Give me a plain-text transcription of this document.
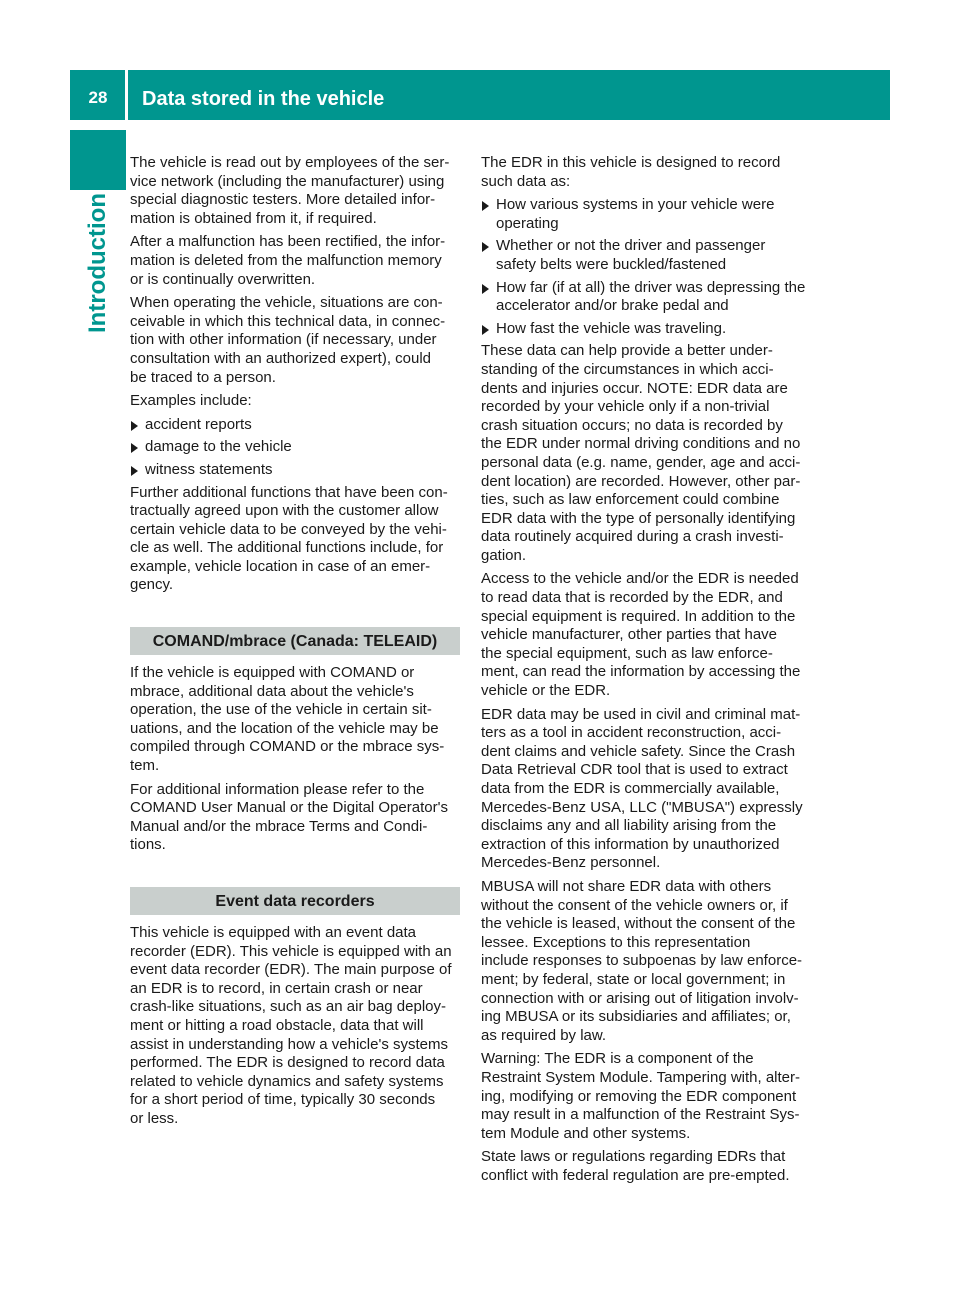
28	Data stored in the vehicle
Introduction

The vehicle is read out by employees of the ser-
vice network (including the manufacturer) using
special diagnostic testers. More detailed infor-
mation is obtained from it, if required.

After a malfunction has been rectified, the infor-
mation is deleted from the malfunction memory
or is continually overwritten.

When operating the vehicle, situations are con-
ceivable in which this technical data, in connec-
tion with other information (if necessary, under
consultation with an authorized expert), could
be traced to a person.

Examples include:

accident reports
damage to the vehicle
witness statements

Further additional functions that have been con-
tractually agreed upon with the customer allow
certain vehicle data to be conveyed by the vehi-
cle as well. The additional functions include, for
example, vehicle location in case of an emer-
gency.

COMAND/mbrace (Canada: TELEAID)

If the vehicle is equipped with COMAND or
mbrace, additional data about the vehicle's
operation, the use of the vehicle in certain sit-
uations, and the location of the vehicle may be
compiled through COMAND or the mbrace sys-
tem.

For additional information please refer to the
COMAND User Manual or the Digital Operator's
Manual and/or the mbrace Terms and Condi-
tions.

Event data recorders

This vehicle is equipped with an event data
recorder (EDR). This vehicle is equipped with an
event data recorder (EDR). The main purpose of
an EDR is to record, in certain crash or near
crash-like situations, such as an air bag deploy-
ment or hitting a road obstacle, data that will
assist in understanding how a vehicle's systems
performed. The EDR is designed to record data
related to vehicle dynamics and safety systems
for a short period of time, typically 30 seconds
or less.

The EDR in this vehicle is designed to record
such data as:

How various systems in your vehicle were
operating
Whether or not the driver and passenger
safety belts were buckled/fastened
How far (if at all) the driver was depressing the
accelerator and/or brake pedal and
How fast the vehicle was traveling.

These data can help provide a better under-
standing of the circumstances in which acci-
dents and injuries occur. NOTE: EDR data are
recorded by your vehicle only if a non-trivial
crash situation occurs; no data is recorded by
the EDR under normal driving conditions and no
personal data (e.g. name, gender, age and acci-
dent location) are recorded. However, other par-
ties, such as law enforcement could combine
EDR data with the type of personally identifying
data routinely acquired during a crash investi-
gation.

Access to the vehicle and/or the EDR is needed
to read data that is recorded by the EDR, and
special equipment is required. In addition to the
vehicle manufacturer, other parties that have
the special equipment, such as law enforce-
ment, can read the information by accessing the
vehicle or the EDR.

EDR data may be used in civil and criminal mat-
ters as a tool in accident reconstruction, acci-
dent claims and vehicle safety. Since the Crash
Data Retrieval CDR tool that is used to extract
data from the EDR is commercially available,
Mercedes-Benz USA, LLC ("MBUSA") expressly
disclaims any and all liability arising from the
extraction of this information by unauthorized
Mercedes-Benz personnel.

MBUSA will not share EDR data with others
without the consent of the vehicle owners or, if
the vehicle is leased, without the consent of the
lessee. Exceptions to this representation
include responses to subpoenas by law enforce-
ment; by federal, state or local government; in
connection with or arising out of litigation involv-
ing MBUSA or its subsidiaries and affiliates; or,
as required by law.

Warning: The EDR is a component of the
Restraint System Module. Tampering with, alter-
ing, modifying or removing the EDR component
may result in a malfunction of the Restraint Sys-
tem Module and other systems.

State laws or regulations regarding EDRs that
conflict with federal regulation are pre-empted.
